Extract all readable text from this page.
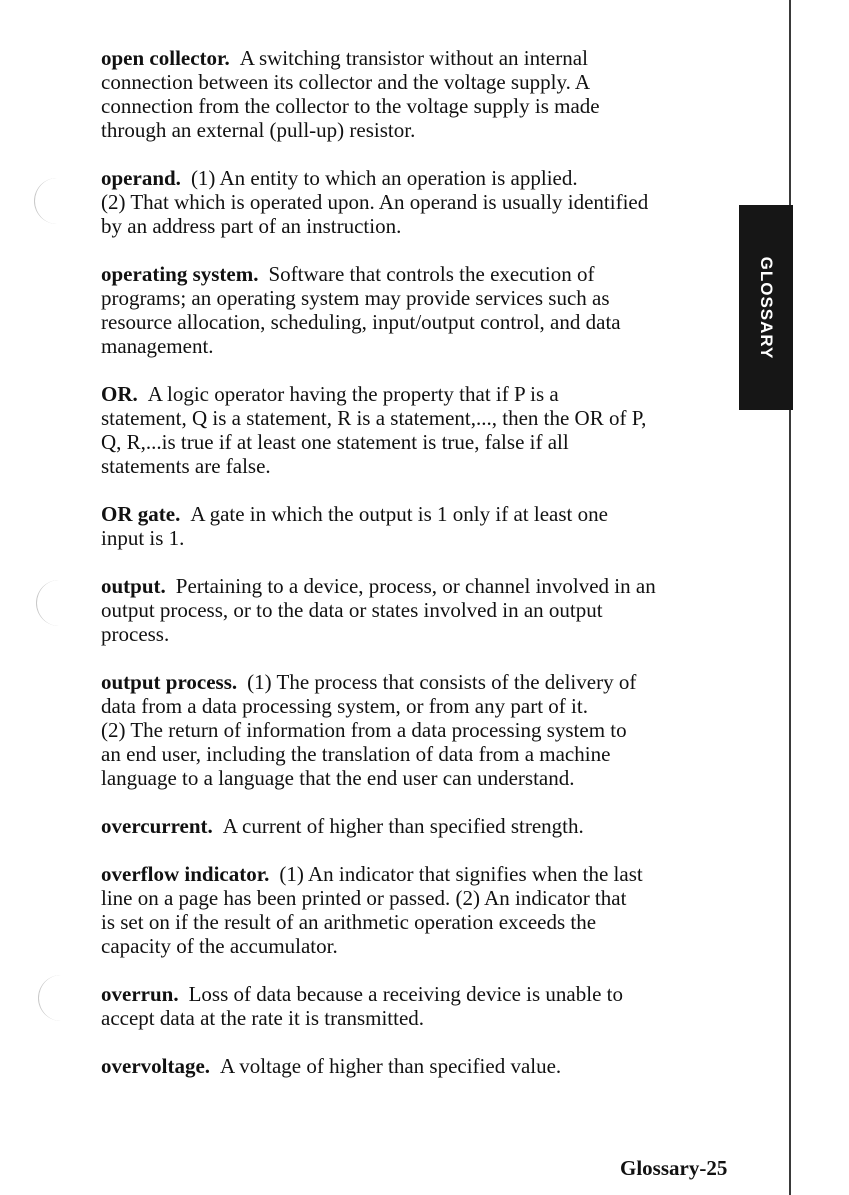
GLOSSARY
open collector. A switching transistor without an internal
connection between its collector and the voltage supply. A
connection from the collector to the voltage supply is made
through an external (pull-up) resistor.
operand. (1) An entity to which an operation is applied.
(2) That which is operated upon. An operand is usually identified
by an address part of an instruction.
operating system. Software that controls the execution of
programs; an operating system may provide services such as
resource allocation, scheduling, input/output control, and data
management.
OR. A logic operator having the property that if P is a
statement, Q is a statement, R is a statement,..., then the OR of P,
Q, R,...is true if at least one statement is true, false if all
statements are false.
OR gate. A gate in which the output is 1 only if at least one
input is 1.
output. Pertaining to a device, process, or channel involved in an
output process, or to the data or states involved in an output
process.
output process. (1) The process that consists of the delivery of
data from a data processing system, or from any part of it.
(2) The return of information from a data processing system to
an end user, including the translation of data from a machine
language to a language that the end user can understand.
overcurrent. A current of higher than specified strength.
overflow indicator. (1) An indicator that signifies when the last
line on a page has been printed or passed. (2) An indicator that
is set on if the result of an arithmetic operation exceeds the
capacity of the accumulator.
overrun. Loss of data because a receiving device is unable to
accept data at the rate it is transmitted.
overvoltage. A voltage of higher than specified value.
Glossary-25
